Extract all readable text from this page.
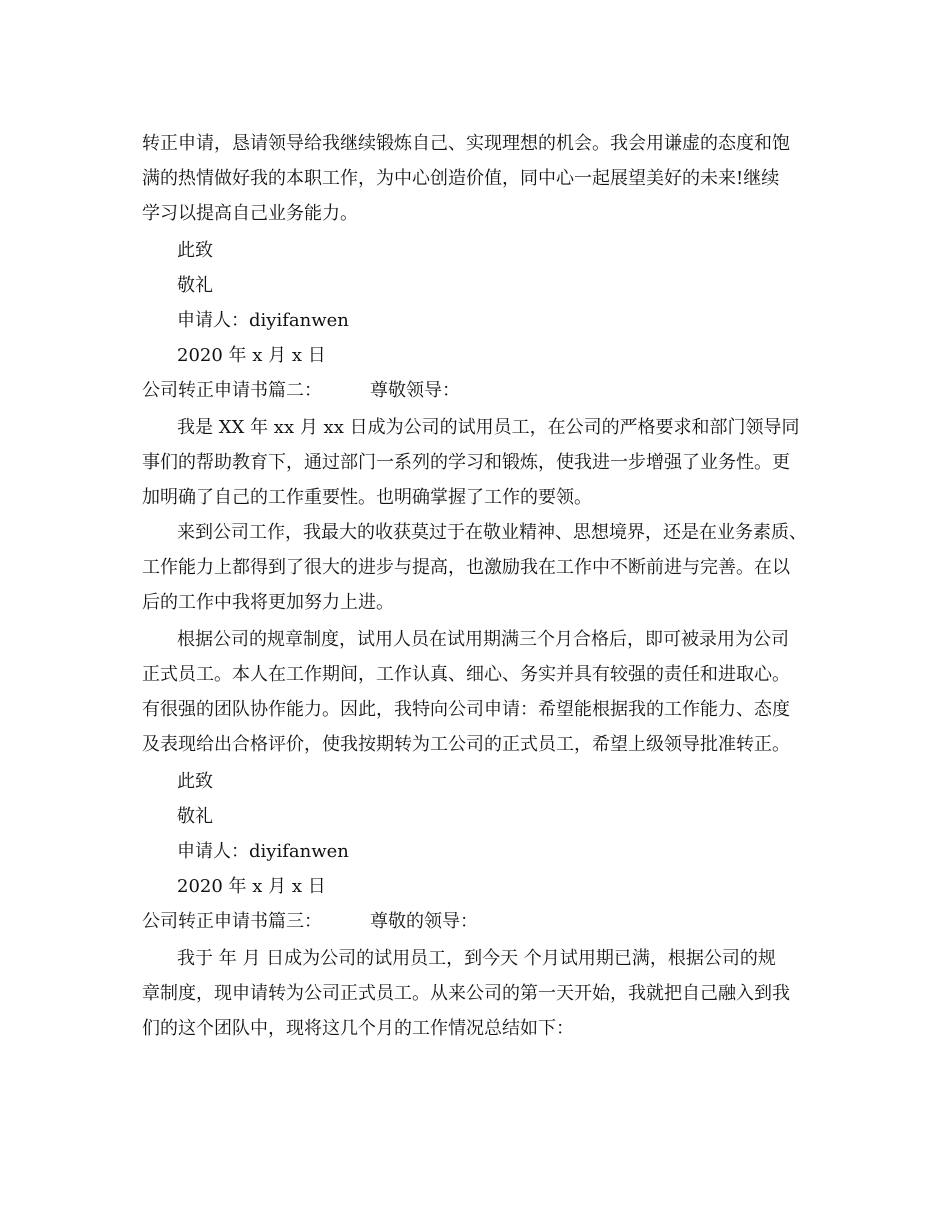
转正申请，恳请领导给我继续锻炼自己、实现理想的机会。我会用谦虚的态度和饱
满的热情做好我的本职工作，为中心创造价值，同中心一起展望美好的未来!继续
学习以提高自己业务能力。
此致
敬礼
申请人：diyifanwen
2020 年 x 月 x 日
公司转正申请书篇二：	尊敬领导：
我是 XX 年 xx 月 xx 日成为公司的试用员工，在公司的严格要求和部门领导同
事们的帮助教育下，通过部门一系列的学习和锻炼，使我进一步增强了业务性。更
加明确了自己的工作重要性。也明确掌握了工作的要领。
来到公司工作，我最大的收获莫过于在敬业精神、思想境界，还是在业务素质、
工作能力上都得到了很大的进步与提高，也激励我在工作中不断前进与完善。在以
后的工作中我将更加努力上进。
根据公司的规章制度，试用人员在试用期满三个月合格后，即可被录用为公司
正式员工。本人在工作期间，工作认真、细心、务实并具有较强的责任和进取心。
有很强的团队协作能力。因此，我特向公司申请：希望能根据我的工作能力、态度
及表现给出合格评价，使我按期转为工公司的正式员工，希望上级领导批准转正。
此致
敬礼
申请人：diyifanwen
2020 年 x 月 x 日
公司转正申请书篇三：	尊敬的领导：
我于 年 月 日成为公司的试用员工，到今天 个月试用期已满，根据公司的规
章制度，现申请转为公司正式员工。从来公司的第一天开始，我就把自己融入到我
们的这个团队中，现将这几个月的工作情况总结如下：
